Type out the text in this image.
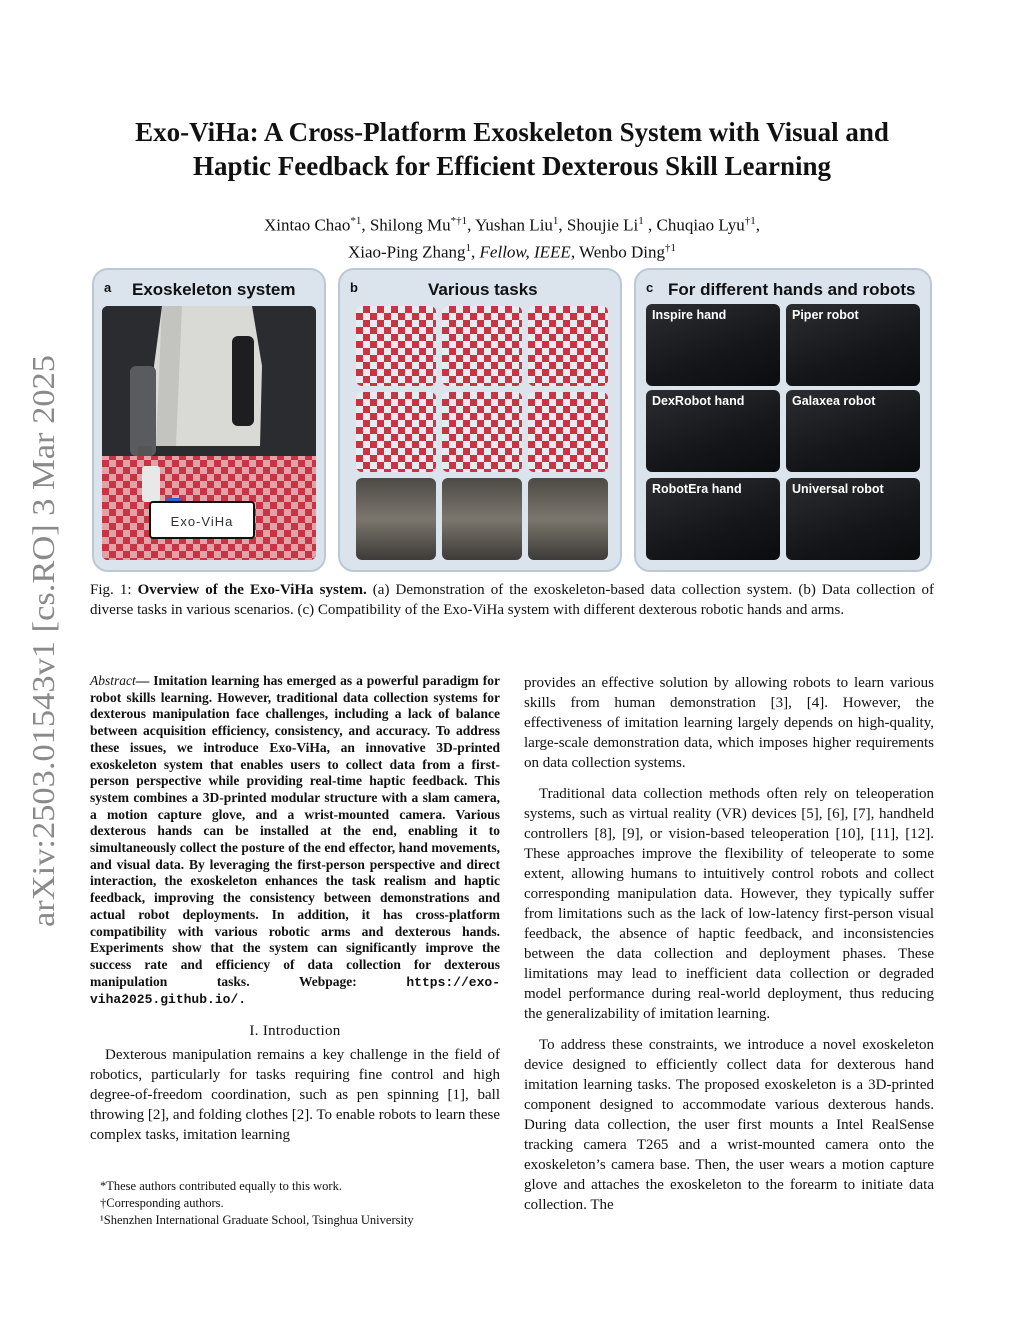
arXiv:2503.01543v1 [cs.RO] 3 Mar 2025
Exo-ViHa: A Cross-Platform Exoskeleton System with Visual and
Haptic Feedback for Efficient Dexterous Skill Learning
Xintao Chao$^{*1}$, Shilong Mu$^{*\dagger 1}$, Yushan Liu$^1$, Shoujie Li$^1$ , Chuqiao Lyu$^{\dagger 1}$,
Xiao-Ping Zhang$^1$, Fellow, IEEE, Wenbo Ding$^{\dagger 1}$
a Exoskeleton system
Exo-ViHa
b	Various tasks	c For different hands and robots
Inspire hand	Piper robot
DexRobot hand	Galaxea robot
RobotEra hand	Universal robot
Fig. 1: Overview of the Exo-ViHa system. (a) Demonstration of the exoskeleton-based data collection system. (b) Data collection of diverse tasks in various scenarios. (c) Compatibility of the Exo-ViHa system with different dexterous robotic hands and arms.
Abstract— Imitation learning has emerged as a powerful paradigm for robot skills learning. However, traditional data collection systems for dexterous manipulation face challenges, including a lack of balance between acquisition efficiency, consistency, and accuracy. To address these issues, we introduce Exo-ViHa, an innovative 3D-printed exoskeleton system that enables users to collect data from a first-person perspective while providing real-time haptic feedback. This system combines a 3D-printed modular structure with a slam camera, a motion capture glove, and a wrist-mounted camera. Various dexterous hands can be installed at the end, enabling it to simultaneously collect the posture of the end effector, hand movements, and visual data. By leveraging the first-person perspective and direct interaction, the exoskeleton enhances the task realism and haptic feedback, improving the consistency between demonstrations and actual robot deployments. In addition, it has cross-platform compatibility with various robotic arms and dexterous hands. Experiments show that the system can significantly improve the success rate and efficiency of data collection for dexterous manipulation tasks. Webpage: https://exo-viha2025.github.io/.
I. Introduction

Dexterous manipulation remains a key challenge in the field of robotics, particularly for tasks requiring fine control and high degree-of-freedom coordination, such as pen spinning [1], ball throwing [2], and folding clothes [2]. To enable robots to learn these complex tasks, imitation learning

*These authors contributed equally to this work.
†Corresponding authors.
¹Shenzhen International Graduate School, Tsinghua University

provides an effective solution by allowing robots to learn various skills from human demonstration [3], [4]. However, the effectiveness of imitation learning largely depends on high-quality, large-scale demonstration data, which imposes higher requirements on data collection systems.

Traditional data collection methods often rely on teleoperation systems, such as virtual reality (VR) devices [5], [6], [7], handheld controllers [8], [9], or vision-based teleoperation [10], [11], [12]. These approaches improve the flexibility of teleoperate to some extent, allowing humans to intuitively control robots and collect corresponding manipulation data. However, they typically suffer from limitations such as the lack of low-latency first-person visual feedback, the absence of haptic feedback, and inconsistencies between the data collection and deployment phases. These limitations may lead to inefficient data collection or degraded model performance during real-world deployment, thus reducing the generalizability of imitation learning.

To address these constraints, we introduce a novel exoskeleton device designed to efficiently collect data for dexterous hand imitation learning tasks. The proposed exoskeleton is a 3D-printed component designed to accommodate various dexterous hands. During data collection, the user first mounts a Intel RealSense tracking camera T265 and a wrist-mounted camera onto the exoskeleton’s camera base. Then, the user wears a motion capture glove and attaches the exoskeleton to the forearm to initiate data collection. The
